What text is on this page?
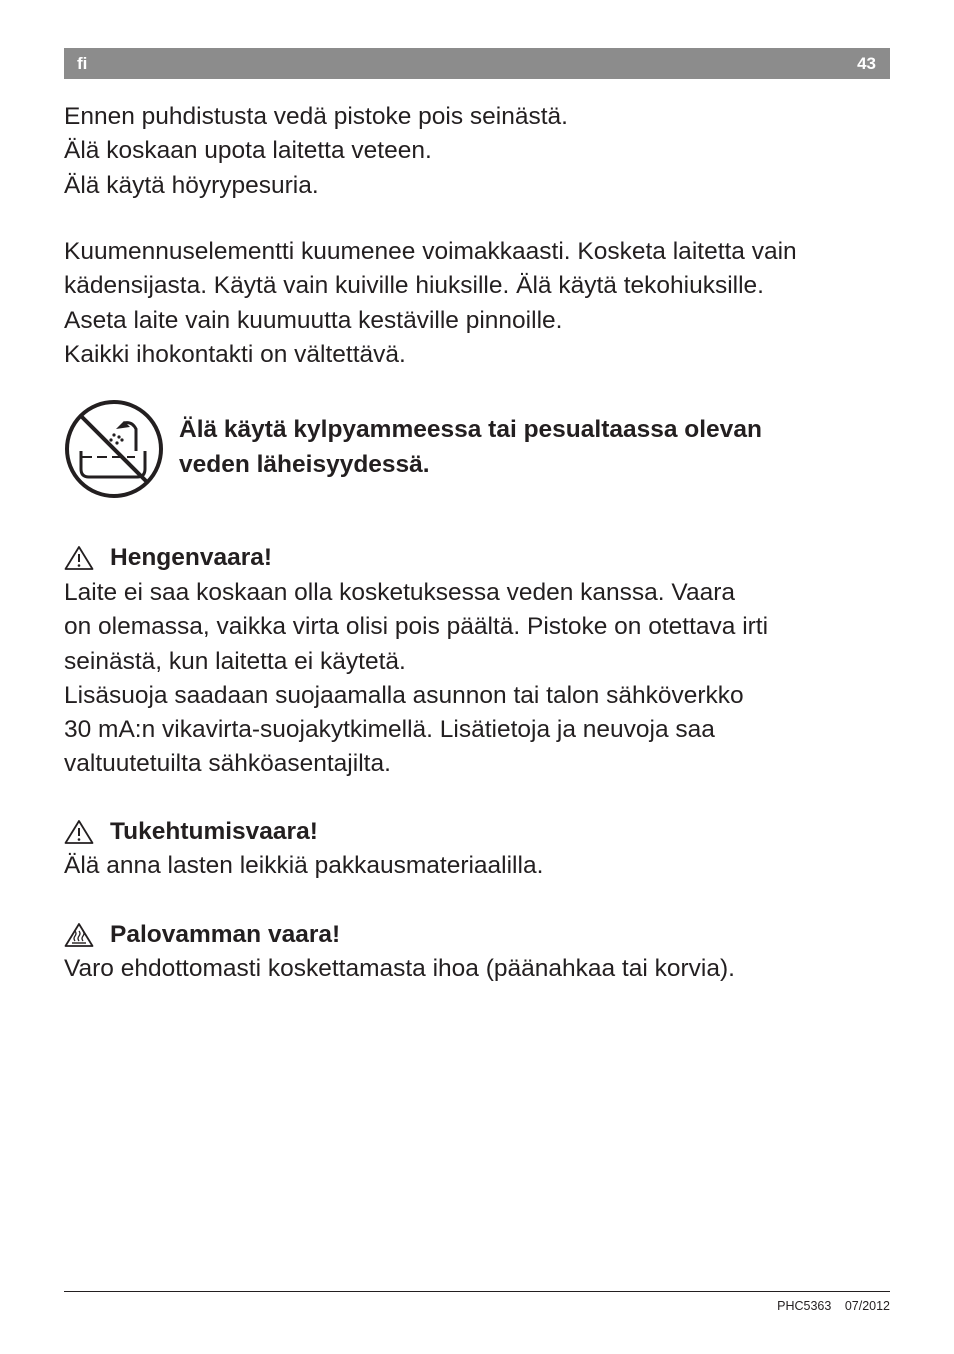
fi	43

Ennen puhdistusta vedä pistoke pois seinästä.

Älä koskaan upota laitetta veteen.

Älä käytä höyrypesuria.

Kuumennuselementti kuumenee voimakkaasti. Kosketa laitetta vain

kädensijasta. Käytä vain kuiville hiuksille. Älä käytä tekohiuksille.

Aseta laite vain kuumuutta kestäville pinnoille.

Kaikki ihokontakti on vältettävä.

Älä käytä kylpyammeessa tai pesualtaassa olevan

veden läheisyydessä.

Hengenvaara!

Laite ei saa koskaan olla kosketuksessa veden kanssa. Vaara

on olemassa, vaikka virta olisi pois päältä. Pistoke on otettava irti

seinästä, kun laitetta ei käytetä.

Lisäsuoja saadaan suojaamalla asunnon tai talon sähköverkko

30 mA:n vikavirta-suojakytkimellä. Lisätietoja ja neuvoja saa

valtuutetuilta sähköasentajilta.

Tukehtumisvaara!

Älä anna lasten leikkiä pakkausmateriaalilla.

Palovamman vaara!

Varo ehdottomasti koskettamasta ihoa (päänahkaa tai korvia).

PHC5363 07/2012
